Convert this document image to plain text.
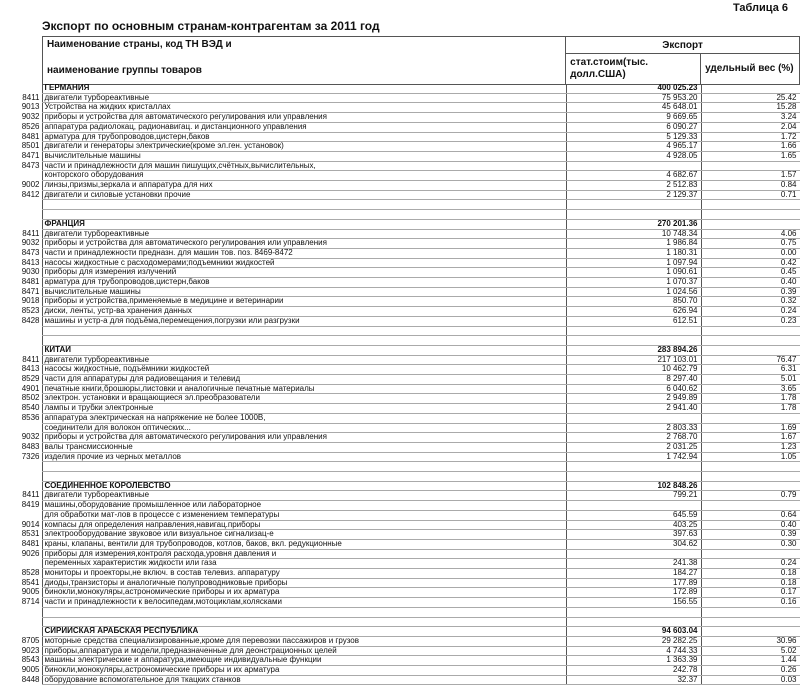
Таблица 6
Экспорт по основным странам-контрагентам за 2011 год
Наименование страны, код ТН ВЭД и
наименование группы товаров	Экспорт	
	стат.стоим(тыс. долл.США)	удельный вес (%)
	ГЕРМАНИЯ	400 025.23	
8411	двигатели турбореактивные	75 953.20	25.42
9013	Устройства на жидких кристаллах	45 648.01	15.28
9032	приборы и устройства для автоматического регулирования или управления	9 669.65	3.24
8526	аппаратура радиолокац, радионавигац. и дистанционного управления	6 090.27	2.04
8481	арматура для трубопроводов,цистерн,баков	5 129.33	1.72
8501	двигатели и генераторы электрические(кроме эл.ген. установок)	4 965.17	1.66
8471	вычислительные машины	4 928.05	1.65
8473	части и принадлежности для машин пишущих,счётных,вычислительных,		
	конторского оборудования	4 682.67	1.57
9002	линзы,призмы,зеркала и аппаратура для них	2 512.83	0.84
8412	двигатели и силовые установки прочие	2 129.37	0.71

	ФРАНЦИЯ	270 201.36	
8411	двигатели турбореактивные	10 748.34	4.06
9032	приборы и устройства для автоматического регулирования или управления	1 986.84	0.75
8473	части и принадлежности предназн. для машин тов. поз. 8469-8472	1 180.31	0.00
8413	насосы жидкостные с расходомерами;подъемники жидкостей	1 097.94	0.42
9030	приборы для измерения излучений	1 090.61	0.45
8481	арматура для трубопроводов,цистерн,баков	1 070.37	0.40
8471	вычислительные машины	1 024.56	0.39
9018	приборы и устройства,применяемые в медицине и ветеринарии	850.70	0.32
8523	диски, ленты, устр-ва хранения данных	626.94	0.24
8428	машины и устр-а для подъёма,перемещения,погрузки или разгрузки	612.51	0.23

	КИТАЙ	283 894.26	
8411	двигатели турбореактивные	217 103.01	76.47
8413	насосы жидкостные, подъёмники жидкостей	10 462.79	6.31
8529	части для аппаратуры для радиовещания и телевид	8 297.40	5.01
4901	печатные книги,брошюры,листовки и аналогичные печатные материалы	6 040.62	3.65
8502	электрон. установки и вращающиеся эл.преобразователи	2 949.89	1.78
8540	лампы и трубки электронные	2 941.40	1.78
8536	аппаратура электрическая на напряжение не более 1000В,		
	соединители для волокон оптических...	2 803.33	1.69
9032	приборы и устройства для автоматического регулирования или управления	2 768.70	1.67
8483	валы трансмиссионные	2 031.25	1.23
7326	изделия прочие из черных металлов	1 742.94	1.05

	СОЕДИНЁННОЕ КОРОЛЕВСТВО	102 848.26	
8411	двигатели турбореактивные	799.21	0.79
8419	машины,оборудование промышленное или лабораторное		
	для обработки мат-лов в процессе с изменением температуры	645.59	0.64
9014	компасы для определения направления,навигац.приборы	403.25	0.40
8531	электрооборудование звуковое или визуальное сигнализац-е	397.63	0.39
8481	краны, клапаны, вентили для трубопроводов, котлов, баков, вкл. редукционные	304.62	0.30
9026	приборы для измерения,контроля расхода,уровня давления и		
	переменных характеристик жидкости или газа	241.38	0.24
8528	мониторы и проекторы,не включ. в состав телевиз. аппаратуру	184.27	0.18
8541	диоды,транзисторы и аналогичные полупроводниковые приборы	177.89	0.18
9005	бинокли,монокуляры,астрономические приборы и их арматура	172.89	0.17
8714	части и принадлежности к велосипедам,мотоциклам,колясками	156.55	0.16

	СИРИЙСКАЯ АРАБСКАЯ РЕСПУБЛИКА	94 603.04	
8705	моторные средства специализированные,кроме для перевозки пассажиров и грузов	29 282.25	30.96
9023	приборы,аппаратура и модели,предназначенные для деонстрационных целей	4 744.33	5.02
8543	машины электрические и аппаратура,имеющие индивидуальные функции	1 363.39	1.44
9005	бинокли,монокуляры,астрономические приборы и их арматура	242.78	0.26
8448	оборудование вспомогательное для ткацких станков	32.37	0.03
